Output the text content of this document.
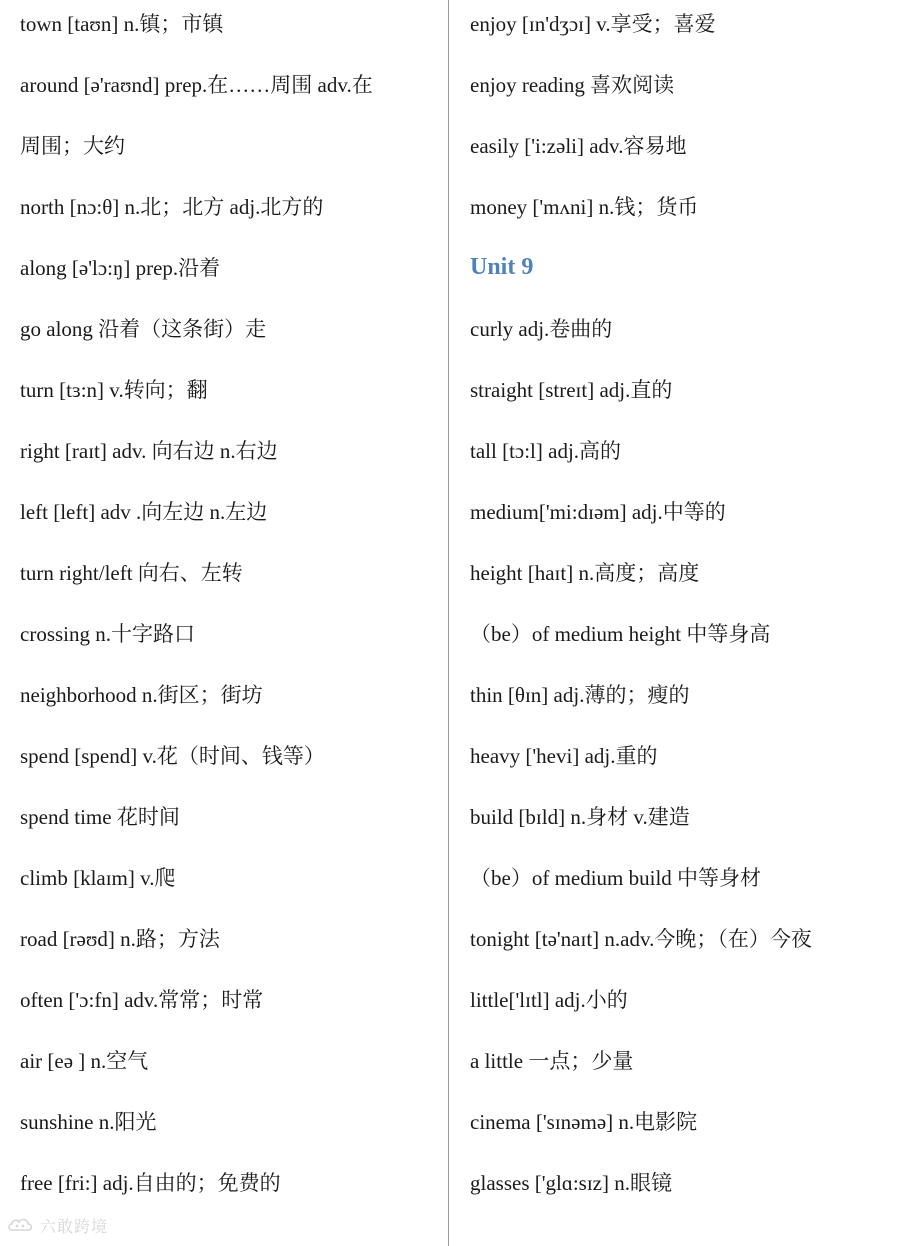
town [taʊn] n.镇；市镇
around [ə'raʊnd] prep.在……周围 adv.在
周围；大约
north [nɔ:θ] n.北；北方 adj.北方的
along [ə'lɔ:ŋ] prep.沿着
go along 沿着（这条街）走
turn [tɜ:n] v.转向；翻
right [raɪt] adv. 向右边 n.右边
left [left] adv .向左边 n.左边
turn right/left 向右、左转
crossing n.十字路口
neighborhood n.街区；街坊
spend [spend] v.花（时间、钱等）
spend time 花时间
climb [klaɪm] v.爬
road [rəʊd] n.路；方法
often ['ɔ:fn] adv.常常；时常
air [eə ] n.空气
sunshine n.阳光
free [fri:] adj.自由的；免费的
enjoy [ɪn'dʒɔɪ] v.享受；喜爱
enjoy reading 喜欢阅读
easily ['i:zəli] adv.容易地
money ['mʌni] n.钱；货币
Unit 9
curly adj.卷曲的
straight [streɪt] adj.直的
tall [tɔ:l] adj.高的
medium['mi:dɪəm] adj.中等的
height [haɪt] n.高度；高度
（be）of medium height 中等身高
thin [θɪn] adj.薄的；瘦的
heavy ['hevi] adj.重的
build [bɪld] n.身材 v.建造
（be）of medium build 中等身材
tonight [tə'naɪt] n.adv.今晚；（在）今夜
little['lɪtl] adj.小的
a little 一点；少量
cinema ['sɪnəmə] n.电影院
glasses ['glɑ:sɪz] n.眼镜
六敢跨境
